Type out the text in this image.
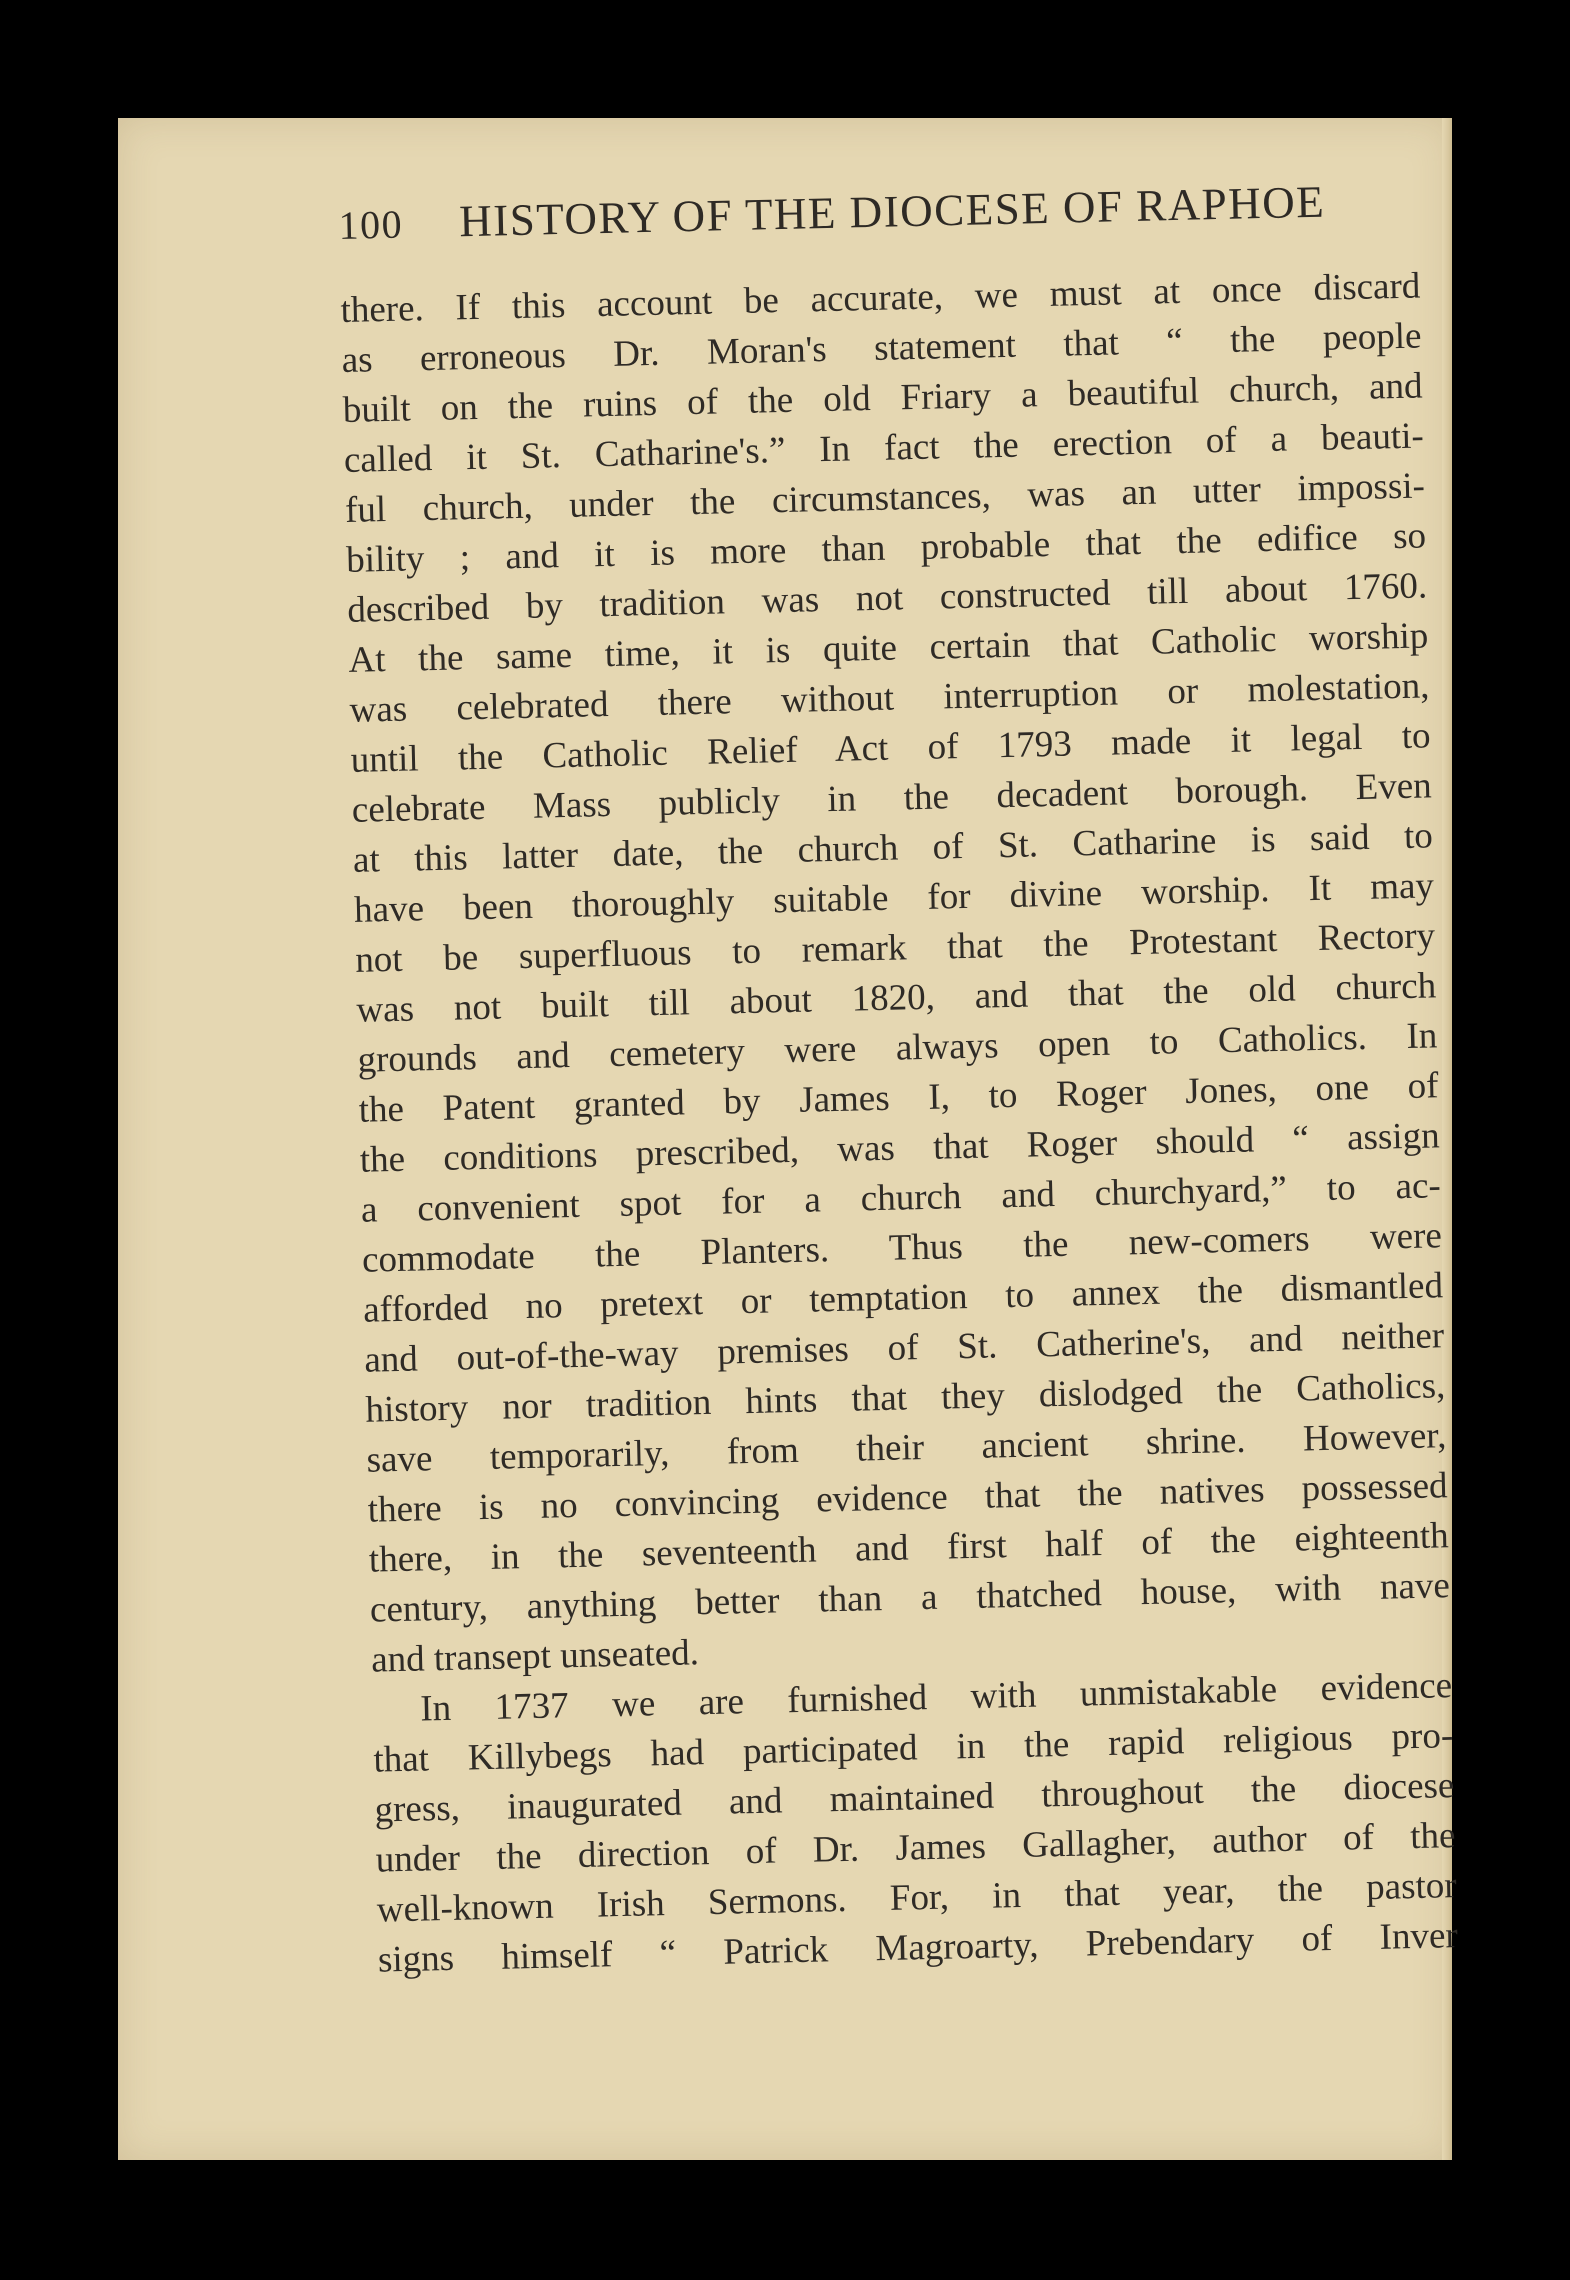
100 HISTORY OF THE DIOCESE OF RAPHOE
there. If this account be accurate, we must at once discard
as erroneous Dr. Moran's statement that “ the people
built on the ruins of the old Friary a beautiful church, and
called it St. Catharine's.” In fact the erection of a beauti-
ful church, under the circumstances, was an utter impossi-
bility ; and it is more than probable that the edifice so
described by tradition was not constructed till about 1760.
At the same time, it is quite certain that Catholic worship
was celebrated there without interruption or molestation,
until the Catholic Relief Act of 1793 made it legal to
celebrate Mass publicly in the decadent borough. Even
at this latter date, the church of St. Catharine is said to
have been thoroughly suitable for divine worship. It may
not be superfluous to remark that the Protestant Rectory
was not built till about 1820, and that the old church
grounds and cemetery were always open to Catholics. In
the Patent granted by James I, to Roger Jones, one of
the conditions prescribed, was that Roger should “ assign
a convenient spot for a church and churchyard,” to ac-
commodate the Planters. Thus the new-comers were
afforded no pretext or temptation to annex the dismantled
and out-of-the-way premises of St. Catherine's, and neither
history nor tradition hints that they dislodged the Catholics,
save temporarily, from their ancient shrine. However,
there is no convincing evidence that the natives possessed
there, in the seventeenth and first half of the eighteenth
century, anything better than a thatched house, with nave
and transept unseated.
In 1737 we are furnished with unmistakable evidence
that Killybegs had participated in the rapid religious pro-
gress, inaugurated and maintained throughout the diocese
under the direction of Dr. James Gallagher, author of the
well-known Irish Sermons. For, in that year, the pastor
signs himself “ Patrick Magroarty, Prebendary of Inver
